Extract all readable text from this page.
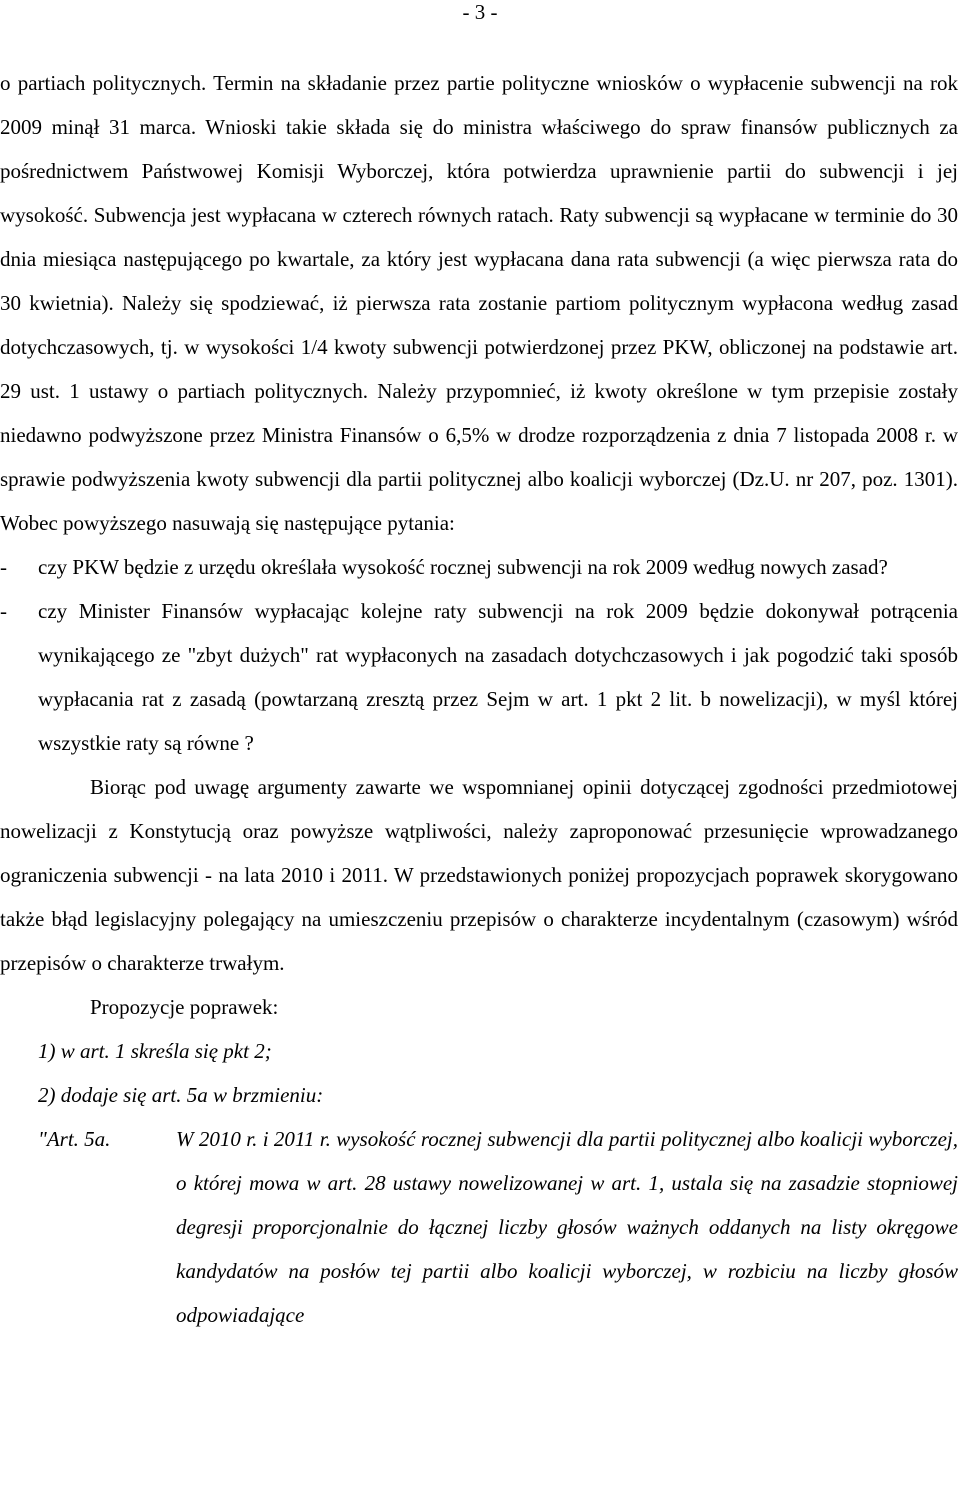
- 3 -

o partiach politycznych. Termin na składanie przez partie polityczne wniosków o wypłacenie subwencji na rok 2009 minął 31 marca. Wnioski takie składa się do ministra właściwego do spraw finansów publicznych za pośrednictwem Państwowej Komisji Wyborczej, która potwierdza uprawnienie partii do subwencji i jej wysokość. Subwencja jest wypłacana w czterech równych ratach. Raty subwencji są wypłacane w terminie do 30 dnia miesiąca następującego po kwartale, za który jest wypłacana dana rata subwencji (a więc pierwsza rata do 30 kwietnia). Należy się spodziewać, iż pierwsza rata zostanie partiom politycznym wypłacona według zasad dotychczasowych, tj. w wysokości 1/4 kwoty subwencji potwierdzonej przez PKW, obliczonej na podstawie art. 29 ust. 1 ustawy o partiach politycznych. Należy przypomnieć, iż kwoty określone w tym przepisie zostały niedawno podwyższone przez Ministra Finansów o 6,5% w drodze rozporządzenia z dnia 7 listopada 2008 r. w sprawie podwyższenia kwoty subwencji dla partii politycznej albo koalicji wyborczej (Dz.U. nr 207, poz. 1301). Wobec powyższego nasuwają się następujące pytania:

-	czy PKW będzie z urzędu określała wysokość rocznej subwencji na rok 2009 według nowych zasad?
-	czy Minister Finansów wypłacając kolejne raty subwencji na rok 2009 będzie dokonywał potrącenia wynikającego ze "zbyt dużych" rat wypłaconych na zasadach dotychczasowych i jak pogodzić taki sposób wypłacania rat z zasadą (powtarzaną zresztą przez Sejm w art. 1 pkt 2 lit. b nowelizacji), w myśl której wszystkie raty są równe ?

Biorąc pod uwagę argumenty zawarte we wspomnianej opinii dotyczącej zgodności przedmiotowej nowelizacji z Konstytucją oraz powyższe wątpliwości, należy zaproponować przesunięcie wprowadzanego ograniczenia subwencji - na lata 2010 i 2011. W przedstawionych poniżej propozycjach poprawek skorygowano także błąd legislacyjny polegający na umieszczeniu przepisów o charakterze incydentalnym (czasowym) wśród przepisów o charakterze trwałym.

Propozycje poprawek:

1) w art. 1 skreśla się pkt 2;

2) dodaje się art. 5a w brzmieniu:

"Art. 5a.	W 2010 r. i 2011 r. wysokość rocznej subwencji dla partii politycznej albo koalicji wyborczej, o której mowa w art. 28 ustawy nowelizowanej w art. 1, ustala się na zasadzie stopniowej degresji proporcjonalnie do łącznej liczby głosów ważnych oddanych na listy okręgowe kandydatów na posłów tej partii albo koalicji wyborczej, w rozbiciu na liczby głosów odpowiadające
